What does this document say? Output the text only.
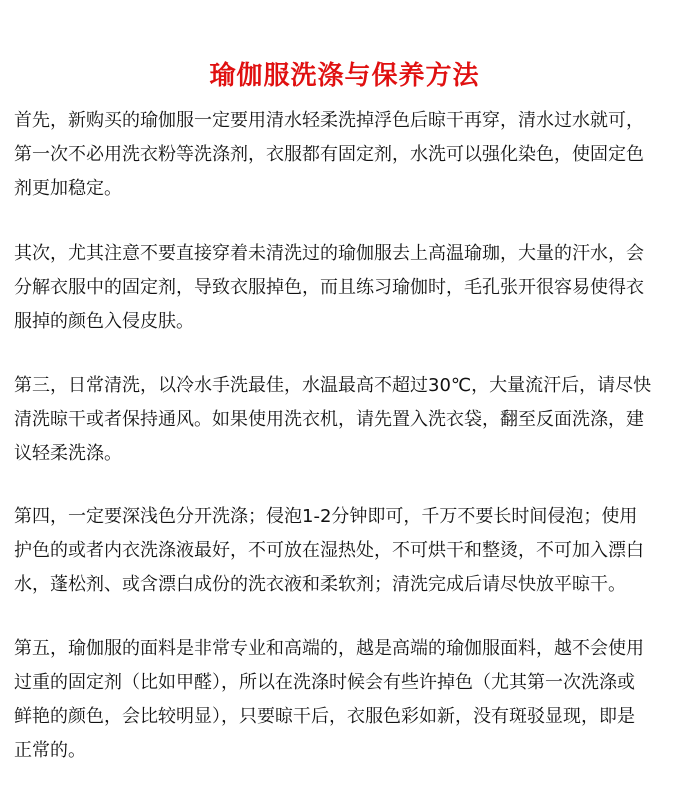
瑜伽服洗涤与保养方法

首先，新购买的瑜伽服一定要用清水轻柔洗掉浮色后晾干再穿，清水过水就可，
第一次不必用洗衣粉等洗涤剂，衣服都有固定剂，水洗可以强化染色，使固定色
剂更加稳定。

其次，尤其注意不要直接穿着未清洗过的瑜伽服去上高温瑜珈，大量的汗水，会
分解衣服中的固定剂，导致衣服掉色，而且练习瑜伽时，毛孔张开很容易使得衣
服掉的颜色入侵皮肤。

第三，日常清洗，以冷水手洗最佳，水温最高不超过30℃，大量流汗后，请尽快
清洗晾干或者保持通风。如果使用洗衣机，请先置入洗衣袋，翻至反面洗涤，建
议轻柔洗涤。

第四，一定要深浅色分开洗涤；侵泡1-2分钟即可，千万不要长时间侵泡；使用
护色的或者内衣洗涤液最好，不可放在湿热处，不可烘干和整烫，不可加入漂白
水，蓬松剂、或含漂白成份的洗衣液和柔软剂；清洗完成后请尽快放平晾干。

第五，瑜伽服的面料是非常专业和高端的，越是高端的瑜伽服面料，越不会使用
过重的固定剂（比如甲醛），所以在洗涤时候会有些许掉色（尤其第一次洗涤或
鲜艳的颜色，会比较明显），只要晾干后，衣服色彩如新，没有斑驳显现，即是
正常的。
